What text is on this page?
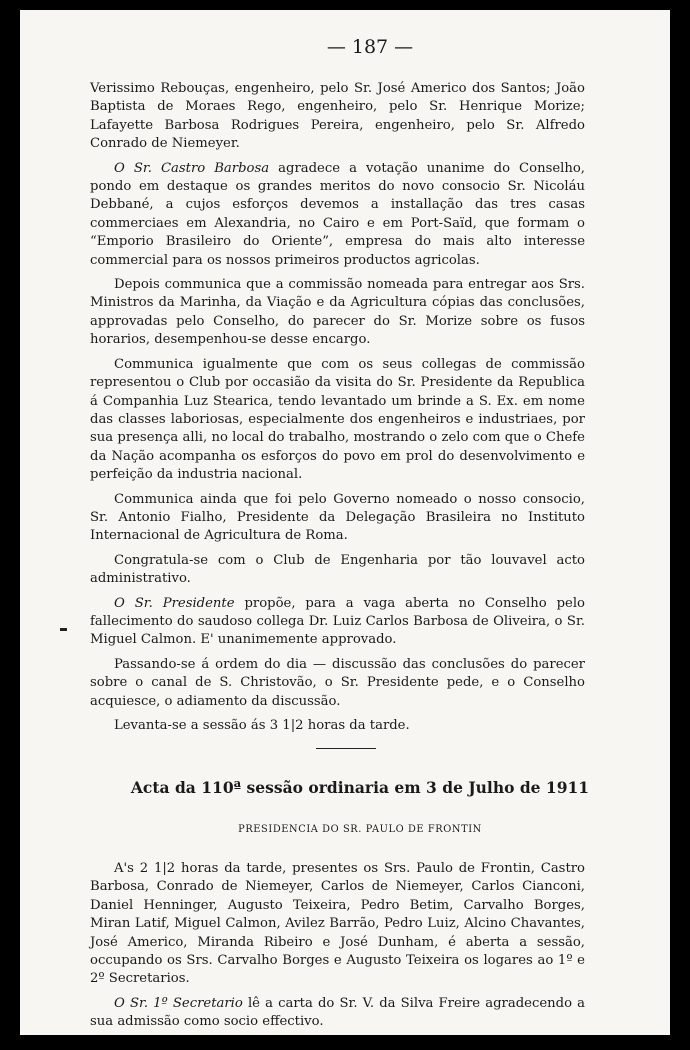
— 187 —

Verissimo Rebouças, engenheiro, pelo Sr. José Americo dos Santos; João Baptista de Moraes Rego, engenheiro, pelo Sr. Henrique Morize; Lafayette Barbosa Rodrigues Pereira, engenheiro, pelo Sr. Alfredo Conrado de Niemeyer.

O Sr. Castro Barbosa agradece a votação unanime do Conselho, pondo em destaque os grandes meritos do novo consocio Sr. Nicoláu Debbané, a cujos esforços devemos a installação das tres casas commerciaes em Alexandria, no Cairo e em Port-Saïd, que formam o “Emporio Brasileiro do Oriente”, empresa do mais alto interesse commercial para os nossos primeiros productos agricolas.

Depois communica que a commissão nomeada para entregar aos Srs. Ministros da Marinha, da Viação e da Agricultura cópias das conclusões, approvadas pelo Conselho, do parecer do Sr. Morize sobre os fusos horarios, desempenhou-se desse encargo.

Communica igualmente que com os seus collegas de commissão representou o Club por occasião da visita do Sr. Presidente da Republica á Companhia Luz Stearica, tendo levantado um brinde a S. Ex. em nome das classes laboriosas, especialmente dos engenheiros e industriaes, por sua presença alli, no local do trabalho, mostrando o zelo com que o Chefe da Nação acompanha os esforços do povo em prol do desenvolvimento e perfeição da industria nacional.

Communica ainda que foi pelo Governo nomeado o nosso consocio, Sr. Antonio Fialho, Presidente da Delegação Brasileira no Instituto Internacional de Agricultura de Roma.

Congratula-se com o Club de Engenharia por tão louvavel acto administrativo.

O Sr. Presidente propõe, para a vaga aberta no Conselho pelo fallecimento do saudoso collega Dr. Luiz Carlos Barbosa de Oliveira, o Sr. Miguel Calmon. E' unanimemente approvado.

Passando-se á ordem do dia — discussão das conclusões do parecer sobre o canal de S. Christovão, o Sr. Presidente pede, e o Conselho acquiesce, o adiamento da discussão.

Levanta-se a sessão ás 3 1|2 horas da tarde.

Acta da 110ª sessão ordinaria em 3 de Julho de 1911
PRESIDENCIA DO SR. PAULO DE FRONTIN

A's 2 1|2 horas da tarde, presentes os Srs. Paulo de Frontin, Castro Barbosa, Conrado de Niemeyer, Carlos de Niemeyer, Carlos Cianconi, Daniel Henninger, Augusto Teixeira, Pedro Betim, Carvalho Borges, Miran Latif, Miguel Calmon, Avilez Barrão, Pedro Luiz, Alcino Chavantes, José Americo, Miranda Ribeiro e José Dunham, é aberta a sessão, occupando os Srs. Carvalho Borges e Augusto Teixeira os logares ao 1º e 2º Secretarios.

O Sr. 1º Secretario lê a carta do Sr. V. da Silva Freire agradecendo a sua admissão como socio effectivo.
